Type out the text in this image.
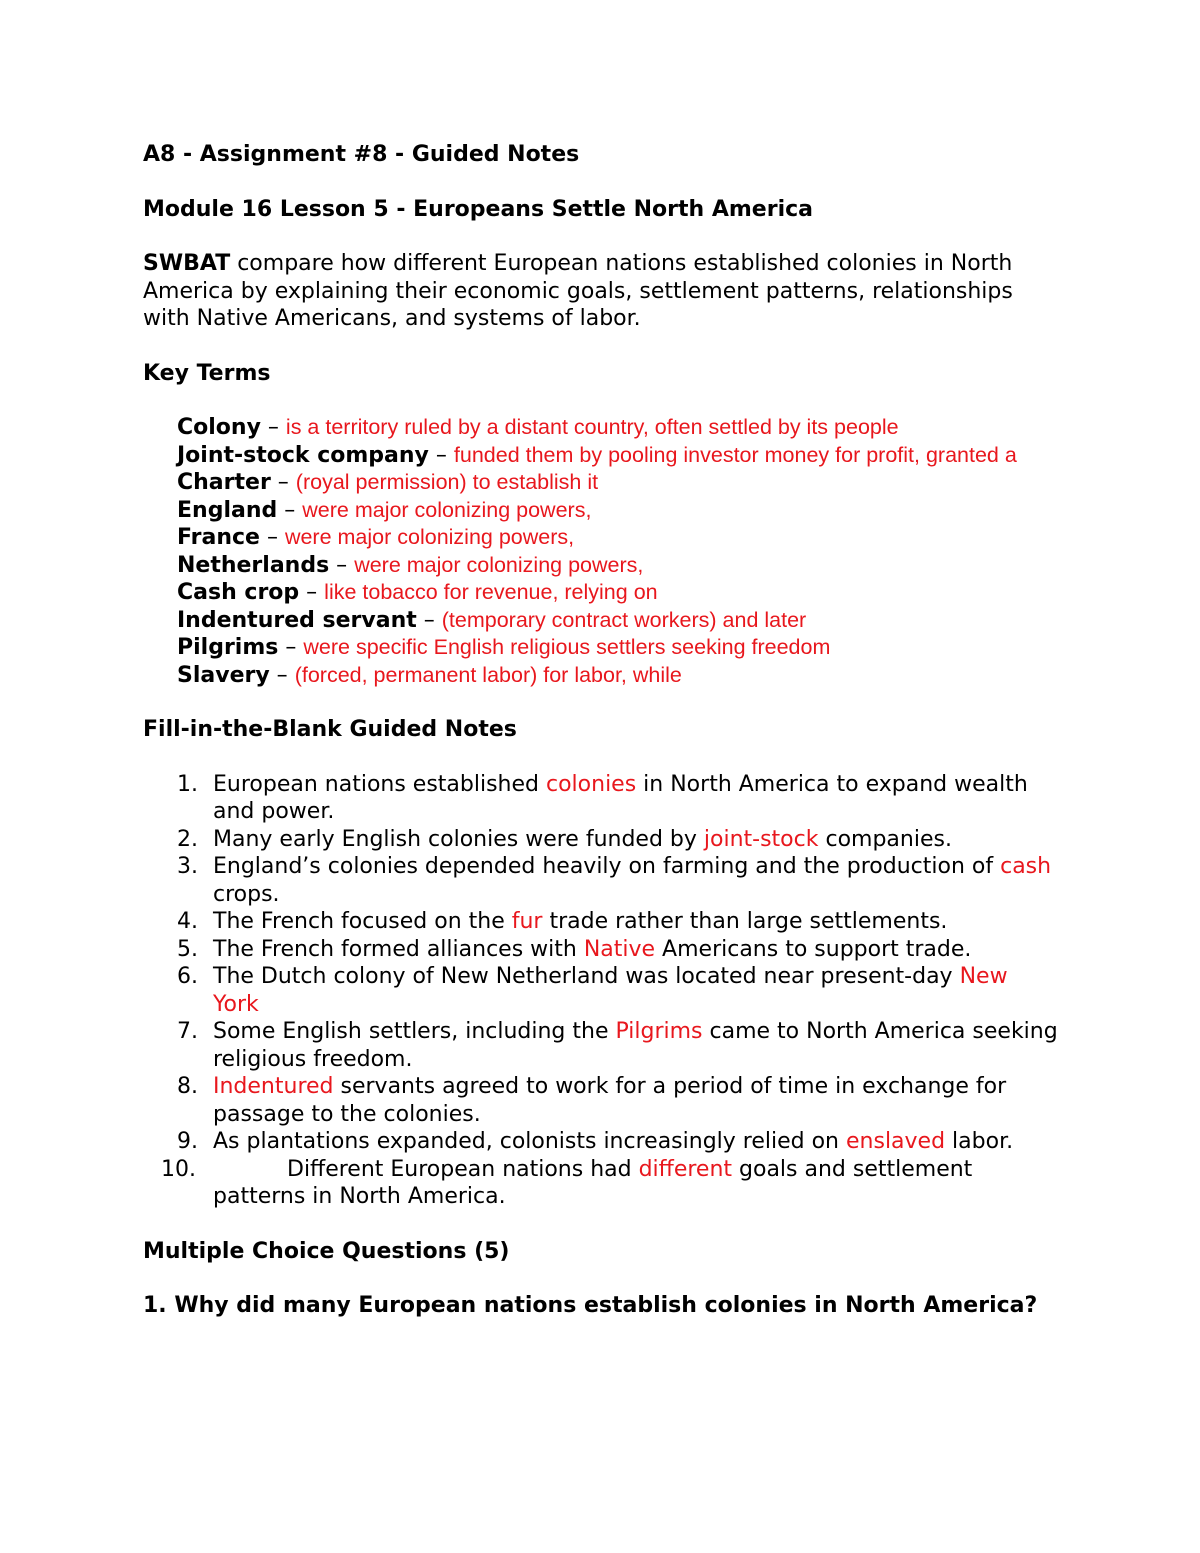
A8 - Assignment #8 - Guided Notes

Module 16 Lesson 5 - Europeans Settle North America

SWBAT compare how different European nations established colonies in North America by explaining their economic goals, settlement patterns, relationships with Native Americans, and systems of labor.

Key Terms

Colony – is a territory ruled by a distant country, often settled by its people

Joint-stock company – funded them by pooling investor money for profit, granted a

Charter – (royal permission) to establish it

England – were major colonizing powers,

France – were major colonizing powers,

Netherlands – were major colonizing powers,

Cash crop – like tobacco for revenue, relying on

Indentured servant – (temporary contract workers) and later

Pilgrims – were specific English religious settlers seeking freedom

Slavery – (forced, permanent labor) for labor, while

Fill-in-the-Blank Guided Notes

1. European nations established colonies in North America to expand wealth and power.
2. Many early English colonies were funded by joint-stock companies.
3. England’s colonies depended heavily on farming and the production of cash crops.
4. The French focused on the fur trade rather than large settlements.
5. The French formed alliances with Native Americans to support trade.
6. The Dutch colony of New Netherland was located near present-day New York
7. Some English settlers, including the Pilgrims came to North America seeking religious freedom.
8. Indentured servants agreed to work for a period of time in exchange for passage to the colonies.
9. As plantations expanded, colonists increasingly relied on enslaved labor.
10.	Different European nations had different goals and settlement patterns in North America.

Multiple Choice Questions (5)

1. Why did many European nations establish colonies in North America?
